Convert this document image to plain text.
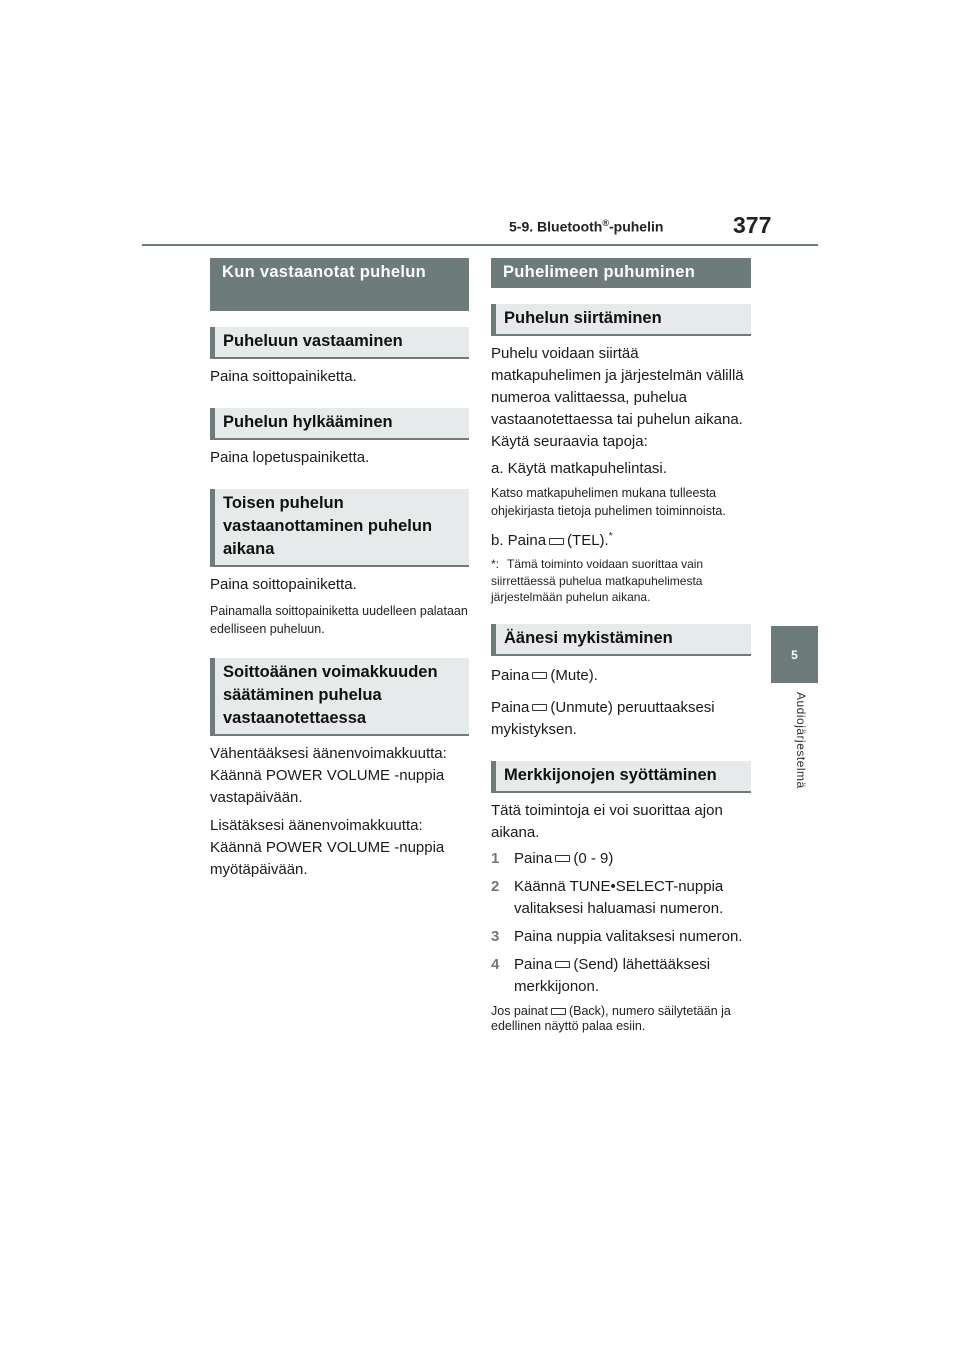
5-9. Bluetooth®-puhelin	377
5
Audiojärjestelmä
Kun vastaanotat puhelun
Puheluun vastaaminen
Paina soittopainiketta.
Puhelun hylkääminen
Paina lopetuspainiketta.
Toisen puhelun vastaanottaminen puhelun aikana
Paina soittopainiketta.
Painamalla soittopainiketta uudelleen palataan edelliseen puheluun.
Soittoäänen voimakkuuden säätäminen puhelua vastaanotettaessa
Vähentääksesi äänenvoimakkuutta: Käännä POWER VOLUME -nuppia vastapäivään.
Lisätäksesi äänenvoimakkuutta: Käännä POWER VOLUME -nuppia myötäpäivään.
Puhelimeen puhuminen
Puhelun siirtäminen
Puhelu voidaan siirtää matkapuhelimen ja järjestelmän välillä numeroa valittaessa, puhelua vastaanotettaessa tai puhelun aikana. Käytä seuraavia tapoja:
a. Käytä matkapuhelintasi.
Katso matkapuhelimen mukana tulleesta ohjekirjasta tietoja puhelimen toiminnoista.
b. Paina (TEL).*
*: Tämä toiminto voidaan suorittaa vain siirrettäessä puhelua matkapuhelimesta järjestelmään puhelun aikana.
Äänesi mykistäminen
Paina (Mute).
Paina (Unmute) peruuttaaksesi mykistyksen.
Merkkijonojen syöttäminen
Tätä toimintoja ei voi suorittaa ajon aikana.
1 Paina (0 - 9)
2 Käännä TUNE•SELECT-nuppia valitaksesi haluamasi numeron.
3 Paina nuppia valitaksesi numeron.
4 Paina (Send) lähettääksesi merkkijonon.
Jos painat (Back), numero säilytetään ja edellinen näyttö palaa esiin.
